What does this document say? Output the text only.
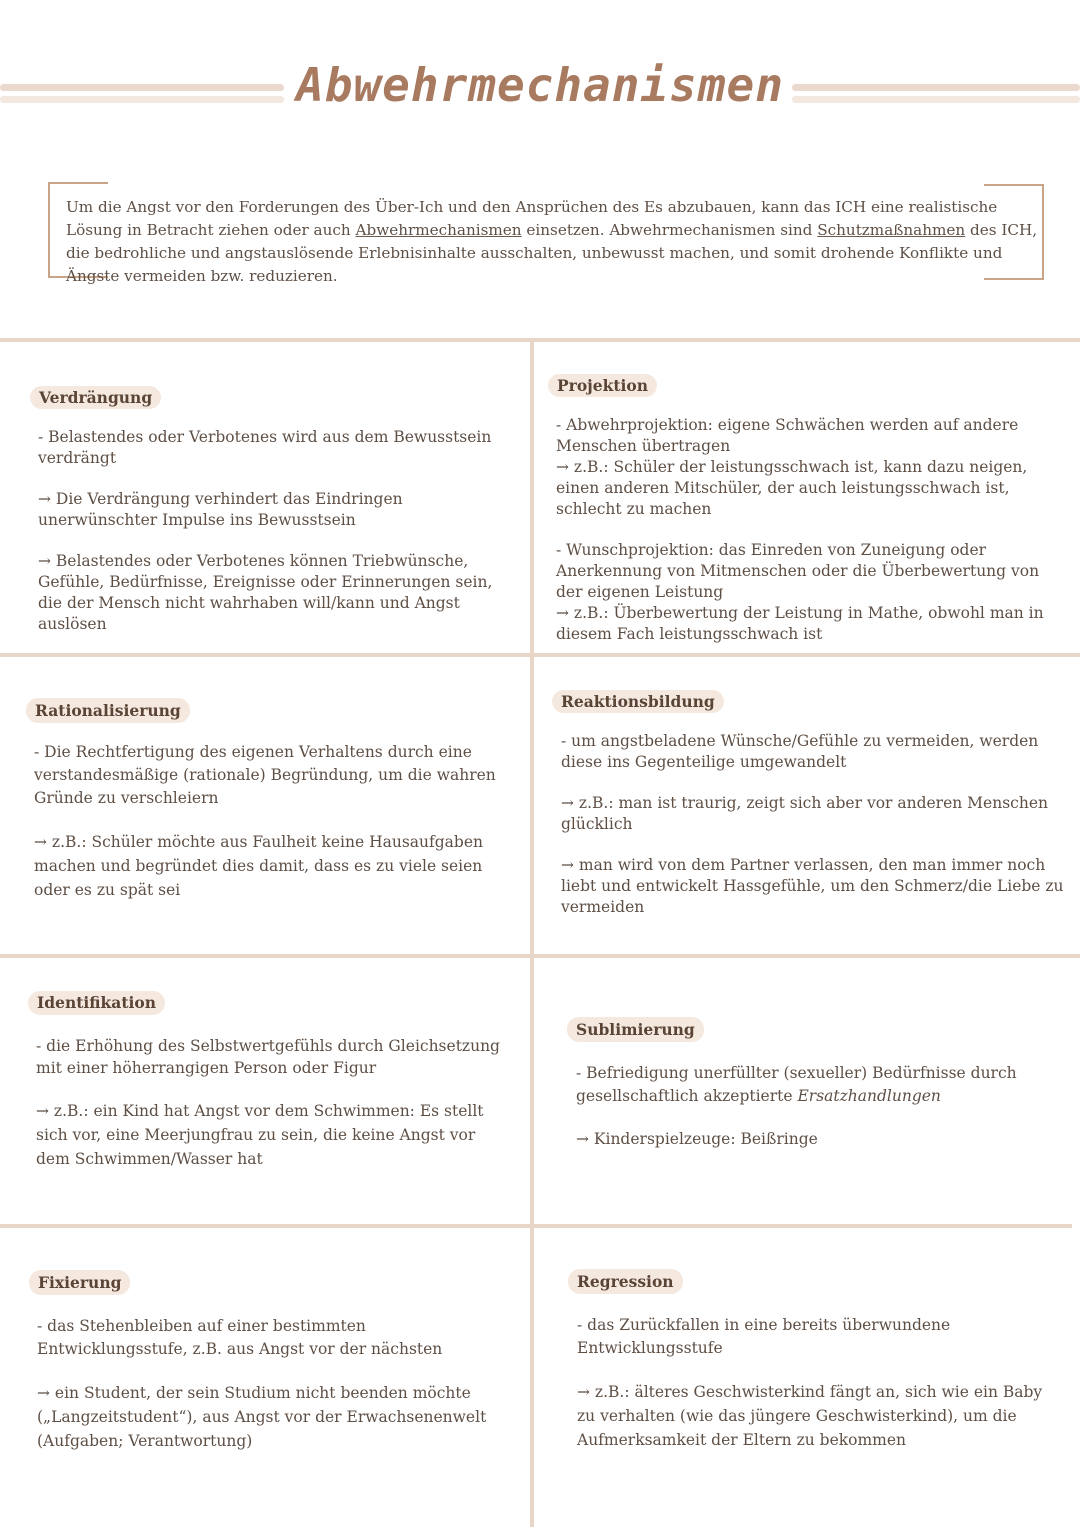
Abwehrmechanismen
Um die Angst vor den Forderungen des Über-Ich und den Ansprüchen des Es abzubauen, kann das ICH eine realistische Lösung in Betracht ziehen oder auch Abwehrmechanismen einsetzen. Abwehrmechanismen sind Schutzmaßnahmen des ICH, die bedrohliche und angstauslösende Erlebnisinhalte ausschalten, unbewusst machen, und somit drohende Konflikte und Ängste vermeiden bzw. reduzieren.
Verdrängung

- Belastendes oder Verbotenes wird aus dem Bewusstsein verdrängt

→ Die Verdrängung verhindert das Eindringen unerwünschter Impulse ins Bewusstsein

→ Belastendes oder Verbotenes können Triebwünsche, Gefühle, Bedürfnisse, Ereignisse oder Erinnerungen sein, die der Mensch nicht wahrhaben will/kann und Angst auslösen

Projektion

- Abwehrprojektion: eigene Schwächen werden auf andere Menschen übertragen

→ z.B.: Schüler der leistungsschwach ist, kann dazu neigen, einen anderen Mitschüler, der auch leistungsschwach ist, schlecht zu machen

- Wunschprojektion: das Einreden von Zuneigung oder Anerkennung von Mitmenschen oder die Überbewertung von der eigenen Leistung

→ z.B.: Überbewertung der Leistung in Mathe, obwohl man in diesem Fach leistungsschwach ist

Rationalisierung

- Die Rechtfertigung des eigenen Verhaltens durch eine verstandesmäßige (rationale) Begründung, um die wahren Gründe zu verschleiern

→ z.B.: Schüler möchte aus Faulheit keine Hausaufgaben machen und begründet dies damit, dass es zu viele seien oder es zu spät sei

Reaktionsbildung

- um angstbeladene Wünsche/Gefühle zu vermeiden, werden diese ins Gegenteilige umgewandelt

→ z.B.: man ist traurig, zeigt sich aber vor anderen Menschen glücklich

→ man wird von dem Partner verlassen, den man immer noch liebt und entwickelt Hassgefühle, um den Schmerz/die Liebe zu vermeiden

Identifikation

- die Erhöhung des Selbstwertgefühls durch Gleichsetzung mit einer höherrangigen Person oder Figur

→ z.B.: ein Kind hat Angst vor dem Schwimmen: Es stellt sich vor, eine Meerjungfrau zu sein, die keine Angst vor dem Schwimmen/Wasser hat

Sublimierung

- Befriedigung unerfüllter (sexueller) Bedürfnisse durch gesellschaftlich akzeptierte Ersatzhandlungen

→ Kinderspielzeuge: Beißringe

Fixierung

- das Stehenbleiben auf einer bestimmten Entwicklungsstufe, z.B. aus Angst vor der nächsten

→ ein Student, der sein Studium nicht beenden möchte („Langzeitstudent“), aus Angst vor der Erwachsenenwelt (Aufgaben; Verantwortung)

Regression

- das Zurückfallen in eine bereits überwundene Entwicklungsstufe

→ z.B.: älteres Geschwisterkind fängt an, sich wie ein Baby zu verhalten (wie das jüngere Geschwisterkind), um die Aufmerksamkeit der Eltern zu bekommen
